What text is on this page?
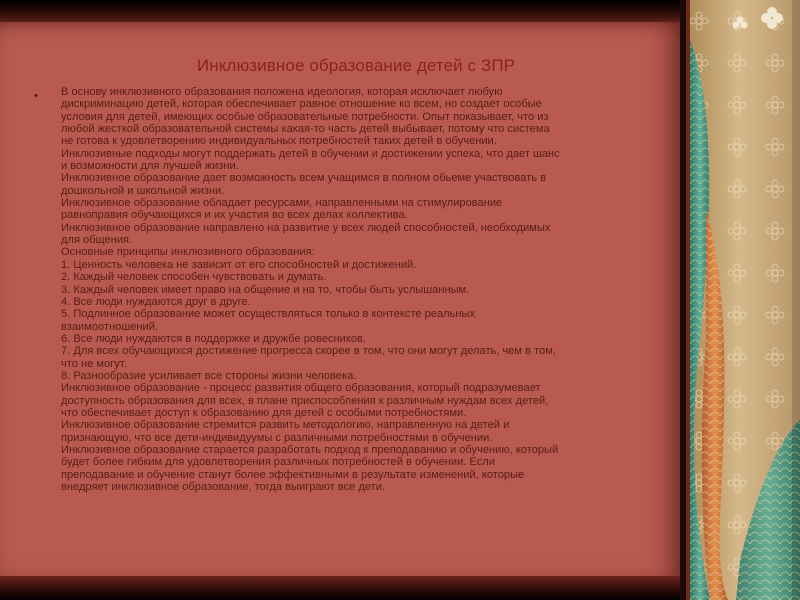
Инклюзивное образование детей с ЗПР
• В основу инклюзивного образования положена идеология, которая исключает любую
дискриминацию детей, которая обеспечивает равное отношение ко всем, но создает особые
условия для детей, имеющих особые образовательные потребности. Опыт показывает, что из
любой жесткой образовательной системы какая-то часть детей выбывает, потому что система
не готова к удовлетворению индивидуальных потребностей таких детей в обучении.
Инклюзивные подходы могут поддержать детей в обучении и достижении успеха, что дает шанс
и возможности для лучшей жизни.
Инклюзивное образование дает возможность всем учащимся в полном обьеме участвовать в
дошкольной и школьной жизни.
Инклюзивное образование обладает ресурсами, направленными на стимулирование
равноправия обучающихся и их участия во всех делах коллектива.
Инклюзивное образование направлено на развитие у всех людей способностей, необходимых
для общения.
Основные принципы инклюзивного образования:
1. Ценность человека не зависит от его способностей и достижений.
2. Каждый человек способен чувствовать и думать.
3. Каждый человек имеет право на общение и на то, чтобы быть услышанным.
4. Все люди нуждаются друг в друге.
5. Подлинное образование может осуществляться только в контексте реальных
взаимоотношений.
6. Все люди нуждаются в поддержке и дружбе ровесников.
7. Для всех обучающихся достижение прогресса скорее в том, что они могут делать, чем в том,
что не могут.
8. Разнообразие усиливает все стороны жизни человека.
Инклюзивное образование - процесс развития общего образования, который подразумевает
доступность образования для всех, в плане приспособления к различным нуждам всех детей,
что обеспечивает доступ к образованию для детей с особыми потребностями.
Инклюзивное образование стремится развить методологию, направленную на детей и
признающую, что все дети-индивидуумы с различными потребностями в обучении.
Инклюзивное образование старается разработать подход к преподаванию и обучению, который
будет более гибким для удовлетворения различных потребностей в обучении. Если
преподавание и обучение станут более эффективными в результате изменений, которые
внедряет инклюзивное образование, тогда выиграют все дети.
